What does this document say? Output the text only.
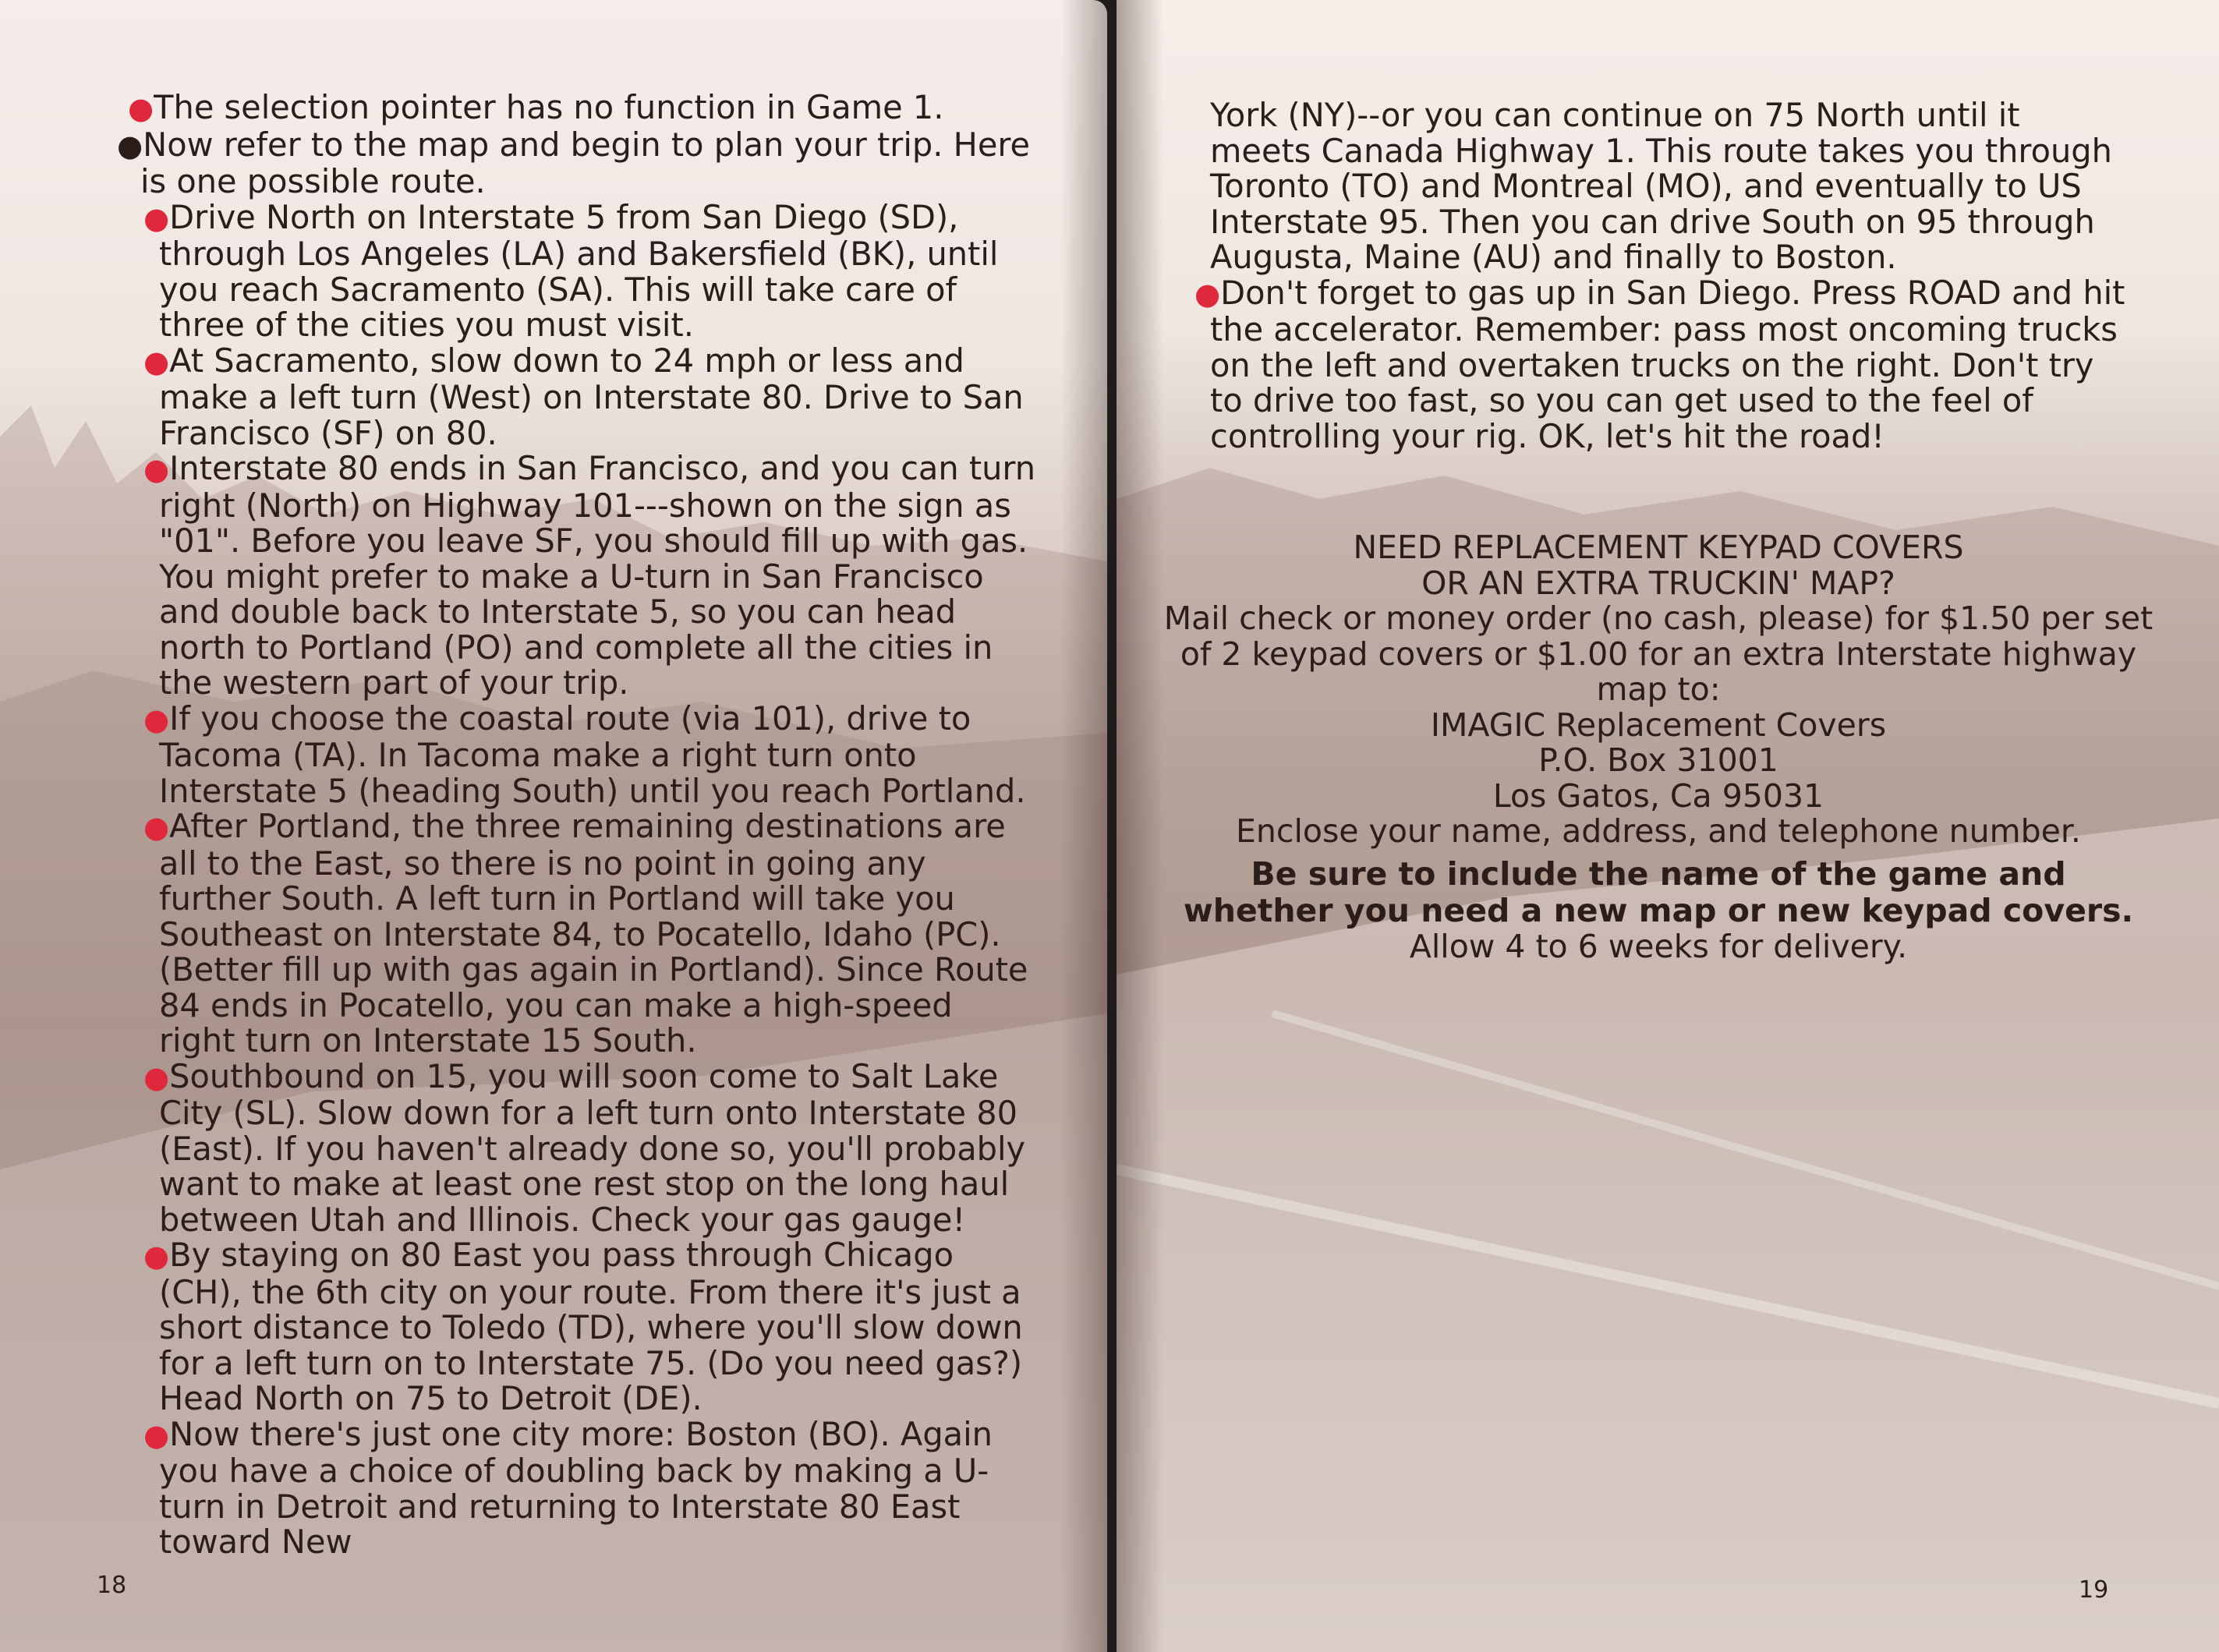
●The selection pointer has no function in Game 1.

●Now refer to the map and begin to plan your trip. Here is one possible route.

●Drive North on Interstate 5 from San Diego (SD), through Los Angeles (LA) and Bakersfield (BK), until you reach Sacramento (SA). This will take care of three of the cities you must visit.

●At Sacramento, slow down to 24 mph or less and make a left turn (West) on Interstate 80. Drive to San Francisco (SF) on 80.

●Interstate 80 ends in San Francisco, and you can turn right (North) on Highway 101---shown on the sign as "01". Before you leave SF, you should fill up with gas. You might prefer to make a U-turn in San Francisco and double back to Interstate 5, so you can head north to Portland (PO) and complete all the cities in the western part of your trip.

●If you choose the coastal route (via 101), drive to Tacoma (TA). In Tacoma make a right turn onto Interstate 5 (heading South) until you reach Portland.

●After Portland, the three remaining destinations are all to the East, so there is no point in going any further South. A left turn in Portland will take you Southeast on Interstate 84, to Pocatello, Idaho (PC). (Better fill up with gas again in Portland). Since Route 84 ends in Pocatello, you can make a high-speed right turn on Interstate 15 South.

●Southbound on 15, you will soon come to Salt Lake City (SL). Slow down for a left turn onto Interstate 80 (East). If you haven't already done so, you'll probably want to make at least one rest stop on the long haul between Utah and Illinois. Check your gas gauge!

●By staying on 80 East you pass through Chicago (CH), the 6th city on your route. From there it's just a short distance to Toledo (TD), where you'll slow down for a left turn on to Interstate 75. (Do you need gas?) Head North on 75 to Detroit (DE).

●Now there's just one city more: Boston (BO). Again you have a choice of doubling back by making a U-turn in Detroit and returning to Interstate 80 East toward New

18

York (NY)--or you can continue on 75 North until it meets Canada Highway 1. This route takes you through Toronto (TO) and Montreal (MO), and eventually to US Interstate 95. Then you can drive South on 95 through Augusta, Maine (AU) and finally to Boston.

●Don't forget to gas up in San Diego. Press ROAD and hit the accelerator. Remember: pass most oncoming trucks on the left and overtaken trucks on the right. Don't try to drive too fast, so you can get used to the feel of controlling your rig. OK, let's hit the road!

NEED REPLACEMENT KEYPAD COVERS
OR AN EXTRA TRUCKIN' MAP?
Mail check or money order (no cash, please) for $1.50 per set
of 2 keypad covers or $1.00 for an extra Interstate highway
map to:
IMAGIC Replacement Covers
P.O. Box 31001
Los Gatos, Ca 95031
Enclose your name, address, and telephone number.
Be sure to include the name of the game and
whether you need a new map or new keypad covers.
Allow 4 to 6 weeks for delivery.
19
